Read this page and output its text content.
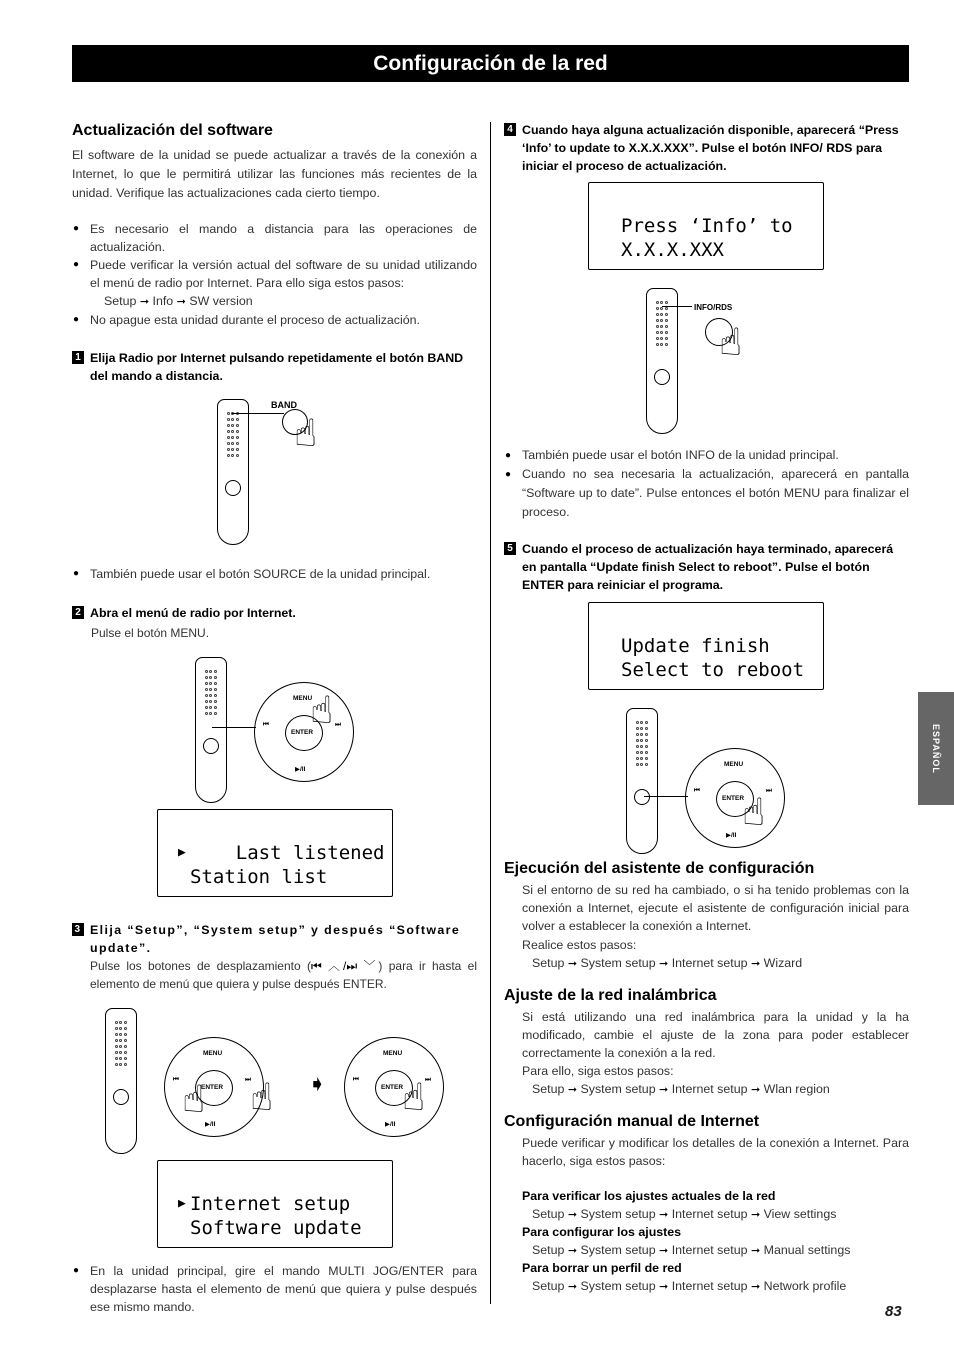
Configuración de la red
Actualización del software

El software de la unidad se puede actualizar a través de la conexión a Internet, lo que le permitirá utilizar las funciones más recientes de la unidad. Verifique las actualizaciones cada cierto tiempo.

● Es necesario el mando a distancia para las operaciones de actualización.
● Puede verificar la versión actual del software de su unidad utilizando el menú de radio por Internet. Para ello siga estos pasos:
Setup ➞ Info ➞ SW version
● No apague esta unidad durante el proceso de actualización.
1 Elija Radio por Internet pulsando repetidamente el botón BAND del mando a distancia.
BAND
☝
● También puede usar el botón SOURCE de la unidad principal.
2 Abra el menú de radio por Internet.
Pulse el botón MENU.
MENU
⏮︎	⏭︎
ENTER
▶/II
☝

▶	Last listened
Station list
3 Elija “Setup”, “System setup” y después “Software update”.

Pulse los botones de desplazamiento (⏮︎ ︿/⏭︎ ﹀) para ir hasta el elemento de menú que quiera y pulse después ENTER.

MENU
⏮︎	⏭︎
ENTER
▶/II
☝ ☝ ➧
MENU
⏮︎	⏭︎
ENTER
▶/II
☝

Internet setup

▶
Software update
● En la unidad principal, gire el mando MULTI JOG/ENTER para desplazarse hasta el elemento de menú que quiera y pulse después ese mismo mando.
4 Cuando haya alguna actualización disponible, aparecerá “Press ‘Info’ to update to X.X.X.XXX”. Pulse el botón INFO/ RDS para iniciar el proceso de actualización.

Press ‘Info’ to
X.X.X.XXX
INFO/RDS
☝
● También puede usar el botón INFO de la unidad principal.
● Cuando no sea necesaria la actualización, aparecerá en pantalla “Software up to date”. Pulse entonces el botón MENU para finalizar el proceso.
5 Cuando el proceso de actualización haya terminado, aparecerá en pantalla “Update finish Select to reboot”. Pulse el botón ENTER para reiniciar el programa.

Update finish
Select to reboot
MENU
⏮︎	⏭︎
ENTER
▶/II
☝
Ejecución del asistente de configuración

Si el entorno de su red ha cambiado, o si ha tenido problemas con la conexión a Internet, ejecute el asistente de configuración inicial para volver a establecer la conexión a Internet.

Realice estos pasos:

Setup ➞ System setup ➞ Internet setup ➞ Wizard
Ajuste de la red inalámbrica

Si está utilizando una red inalámbrica para la unidad y la ha modificado, cambie el ajuste de la zona para poder establecer correctamente la conexión a la red.

Para ello, siga estos pasos:

Setup ➞ System setup ➞ Internet setup ➞ Wlan region
Configuración manual de Internet

Puede verificar y modificar los detalles de la conexión a Internet. Para hacerlo, siga estos pasos:

Para verificar los ajustes actuales de la red
Setup ➞ System setup ➞ Internet setup ➞ View settings
Para configurar los ajustes
Setup ➞ System setup ➞ Internet setup ➞ Manual settings
Para borrar un perfil de red
Setup ➞ System setup ➞ Internet setup ➞ Network profile
ESPAÑOL
83
